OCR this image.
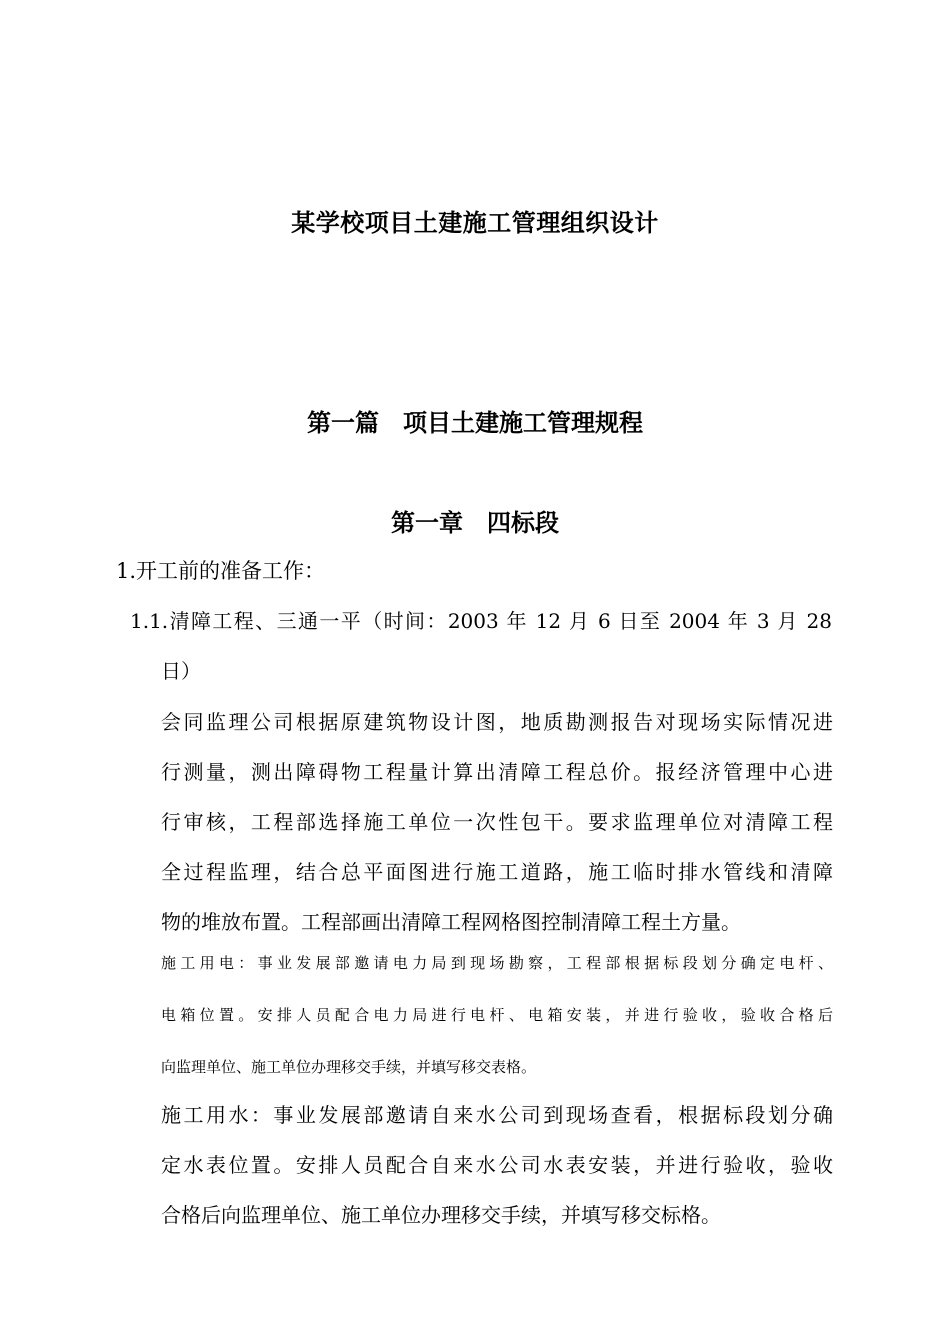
某学校项目土建施工管理组织设计
第一篇　项目土建施工管理规程
第一章　四标段
1.开工前的准备工作：
1.1.清障工程、三通一平（时间：2003 年 12 月 6 日至 2004 年 3 月 28
日）
会同监理公司根据原建筑物设计图，地质勘测报告对现场实际情况进
行测量，测出障碍物工程量计算出清障工程总价。报经济管理中心进
行审核，工程部选择施工单位一次性包干。要求监理单位对清障工程
全过程监理，结合总平面图进行施工道路，施工临时排水管线和清障
物的堆放布置。工程部画出清障工程网格图控制清障工程土方量。
施工用电：事业发展部邀请电力局到现场勘察，工程部根据标段划分确定电杆、
电箱位置。安排人员配合电力局进行电杆、电箱安装，并进行验收，验收合格后
向监理单位、施工单位办理移交手续，并填写移交表格。
施工用水：事业发展部邀请自来水公司到现场查看，根据标段划分确
定水表位置。安排人员配合自来水公司水表安装，并进行验收，验收
合格后向监理单位、施工单位办理移交手续，并填写移交标格。
